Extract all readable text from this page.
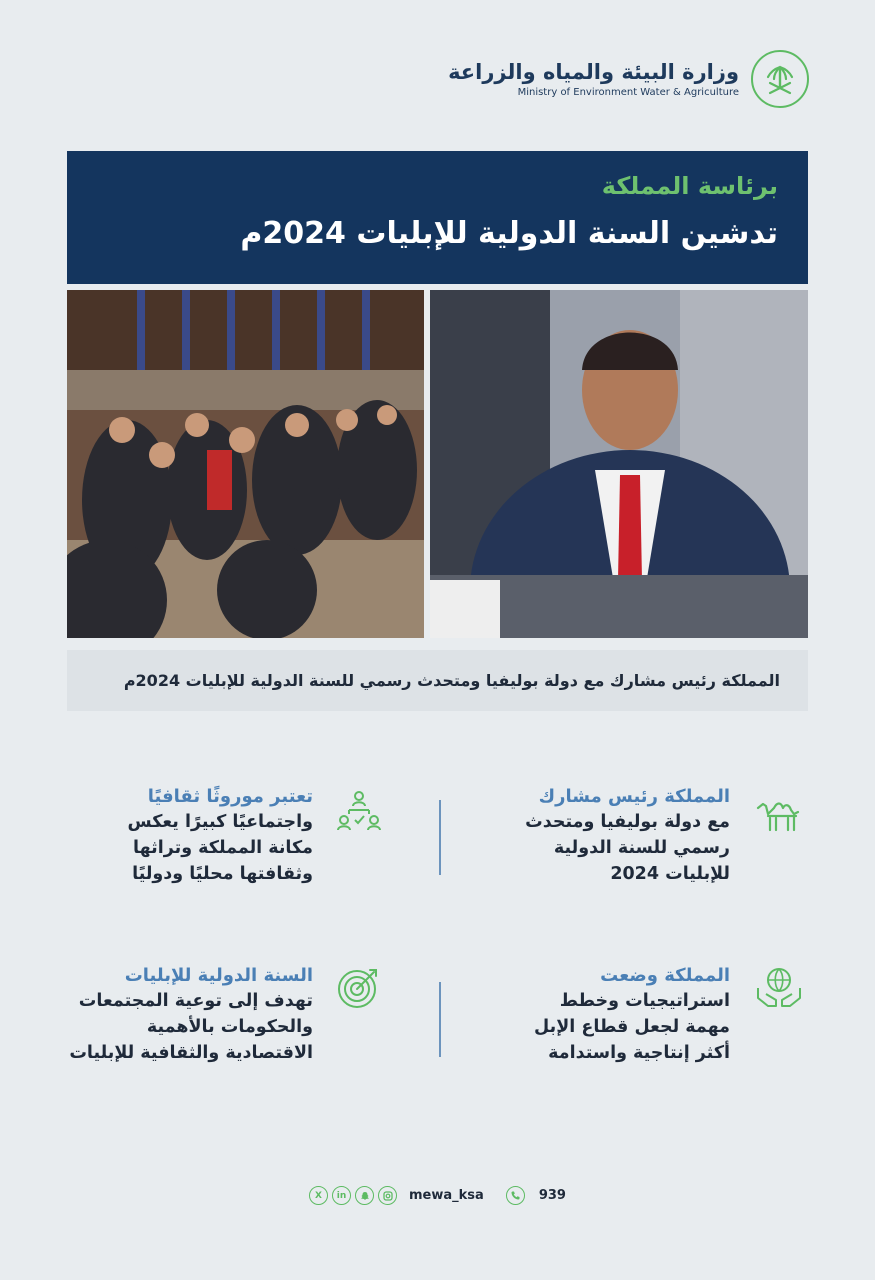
وزارة البيئة والمياه والزراعة
Ministry of Environment Water & Agriculture
برئاسة المملكة
تدشين السنة الدولية للإبليات 2024م
المملكة رئيس مشارك مع دولة بوليفيا ومتحدث رسمي للسنة الدولية للإبليات 2024م
المملكة رئيس مشارك
مع دولة بوليفيا ومتحدث
رسمي للسنة الدولية
للإبليات 2024
تعتبر موروثًا ثقافيًا
واجتماعيًا كبيرًا يعكس
مكانة المملكة وتراثها
وثقافتها محليًا ودوليًا
المملكة وضعت
استراتيجيات وخطط
مهمة لجعل قطاع الإبل
أكثر إنتاجية واستدامة
السنة الدولية للإبليات
تهدف إلى توعية المجتمعات
والحكومات بالأهمية
الاقتصادية والثقافية للإبليات
X	in	mewa_ksa	939
